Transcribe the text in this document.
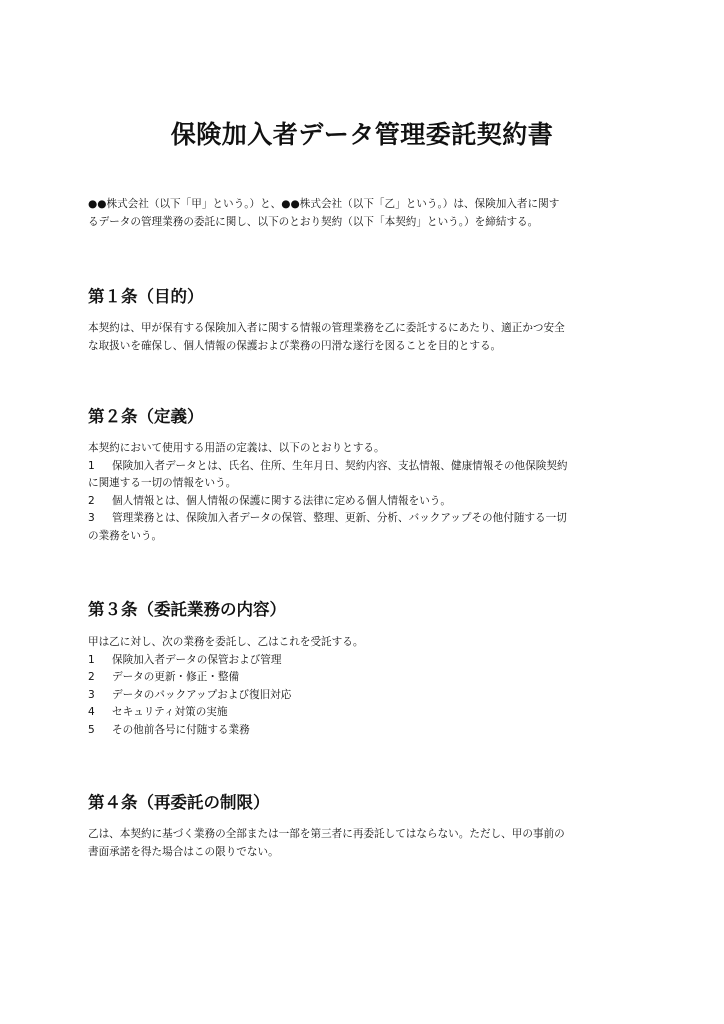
保険加入者データ管理委託契約書

●●株式会社（以下「甲」という。）と、●●株式会社（以下「乙」という。）は、保険加入者に関す
るデータの管理業務の委託に関し、以下のとおり契約（以下「本契約」という。）を締結する。

第１条（目的）

本契約は、甲が保有する保険加入者に関する情報の管理業務を乙に委託するにあたり、適正かつ安全
な取扱いを確保し、個人情報の保護および業務の円滑な遂行を図ることを目的とする。

第２条（定義）
本契約において使用する用語の定義は、以下のとおりとする。
1 保険加入者データとは、氏名、住所、生年月日、契約内容、支払情報、健康情報その他保険契約
に関連する一切の情報をいう。
2 個人情報とは、個人情報の保護に関する法律に定める個人情報をいう。
3 管理業務とは、保険加入者データの保管、整理、更新、分析、バックアップその他付随する一切
の業務をいう。
第３条（委託業務の内容）
甲は乙に対し、次の業務を委託し、乙はこれを受託する。
1 保険加入者データの保管および管理
2 データの更新・修正・整備
3 データのバックアップおよび復旧対応
4 セキュリティ対策の実施
5 その他前各号に付随する業務
第４条（再委託の制限）

乙は、本契約に基づく業務の全部または一部を第三者に再委託してはならない。ただし、甲の事前の
書面承諾を得た場合はこの限りでない。
